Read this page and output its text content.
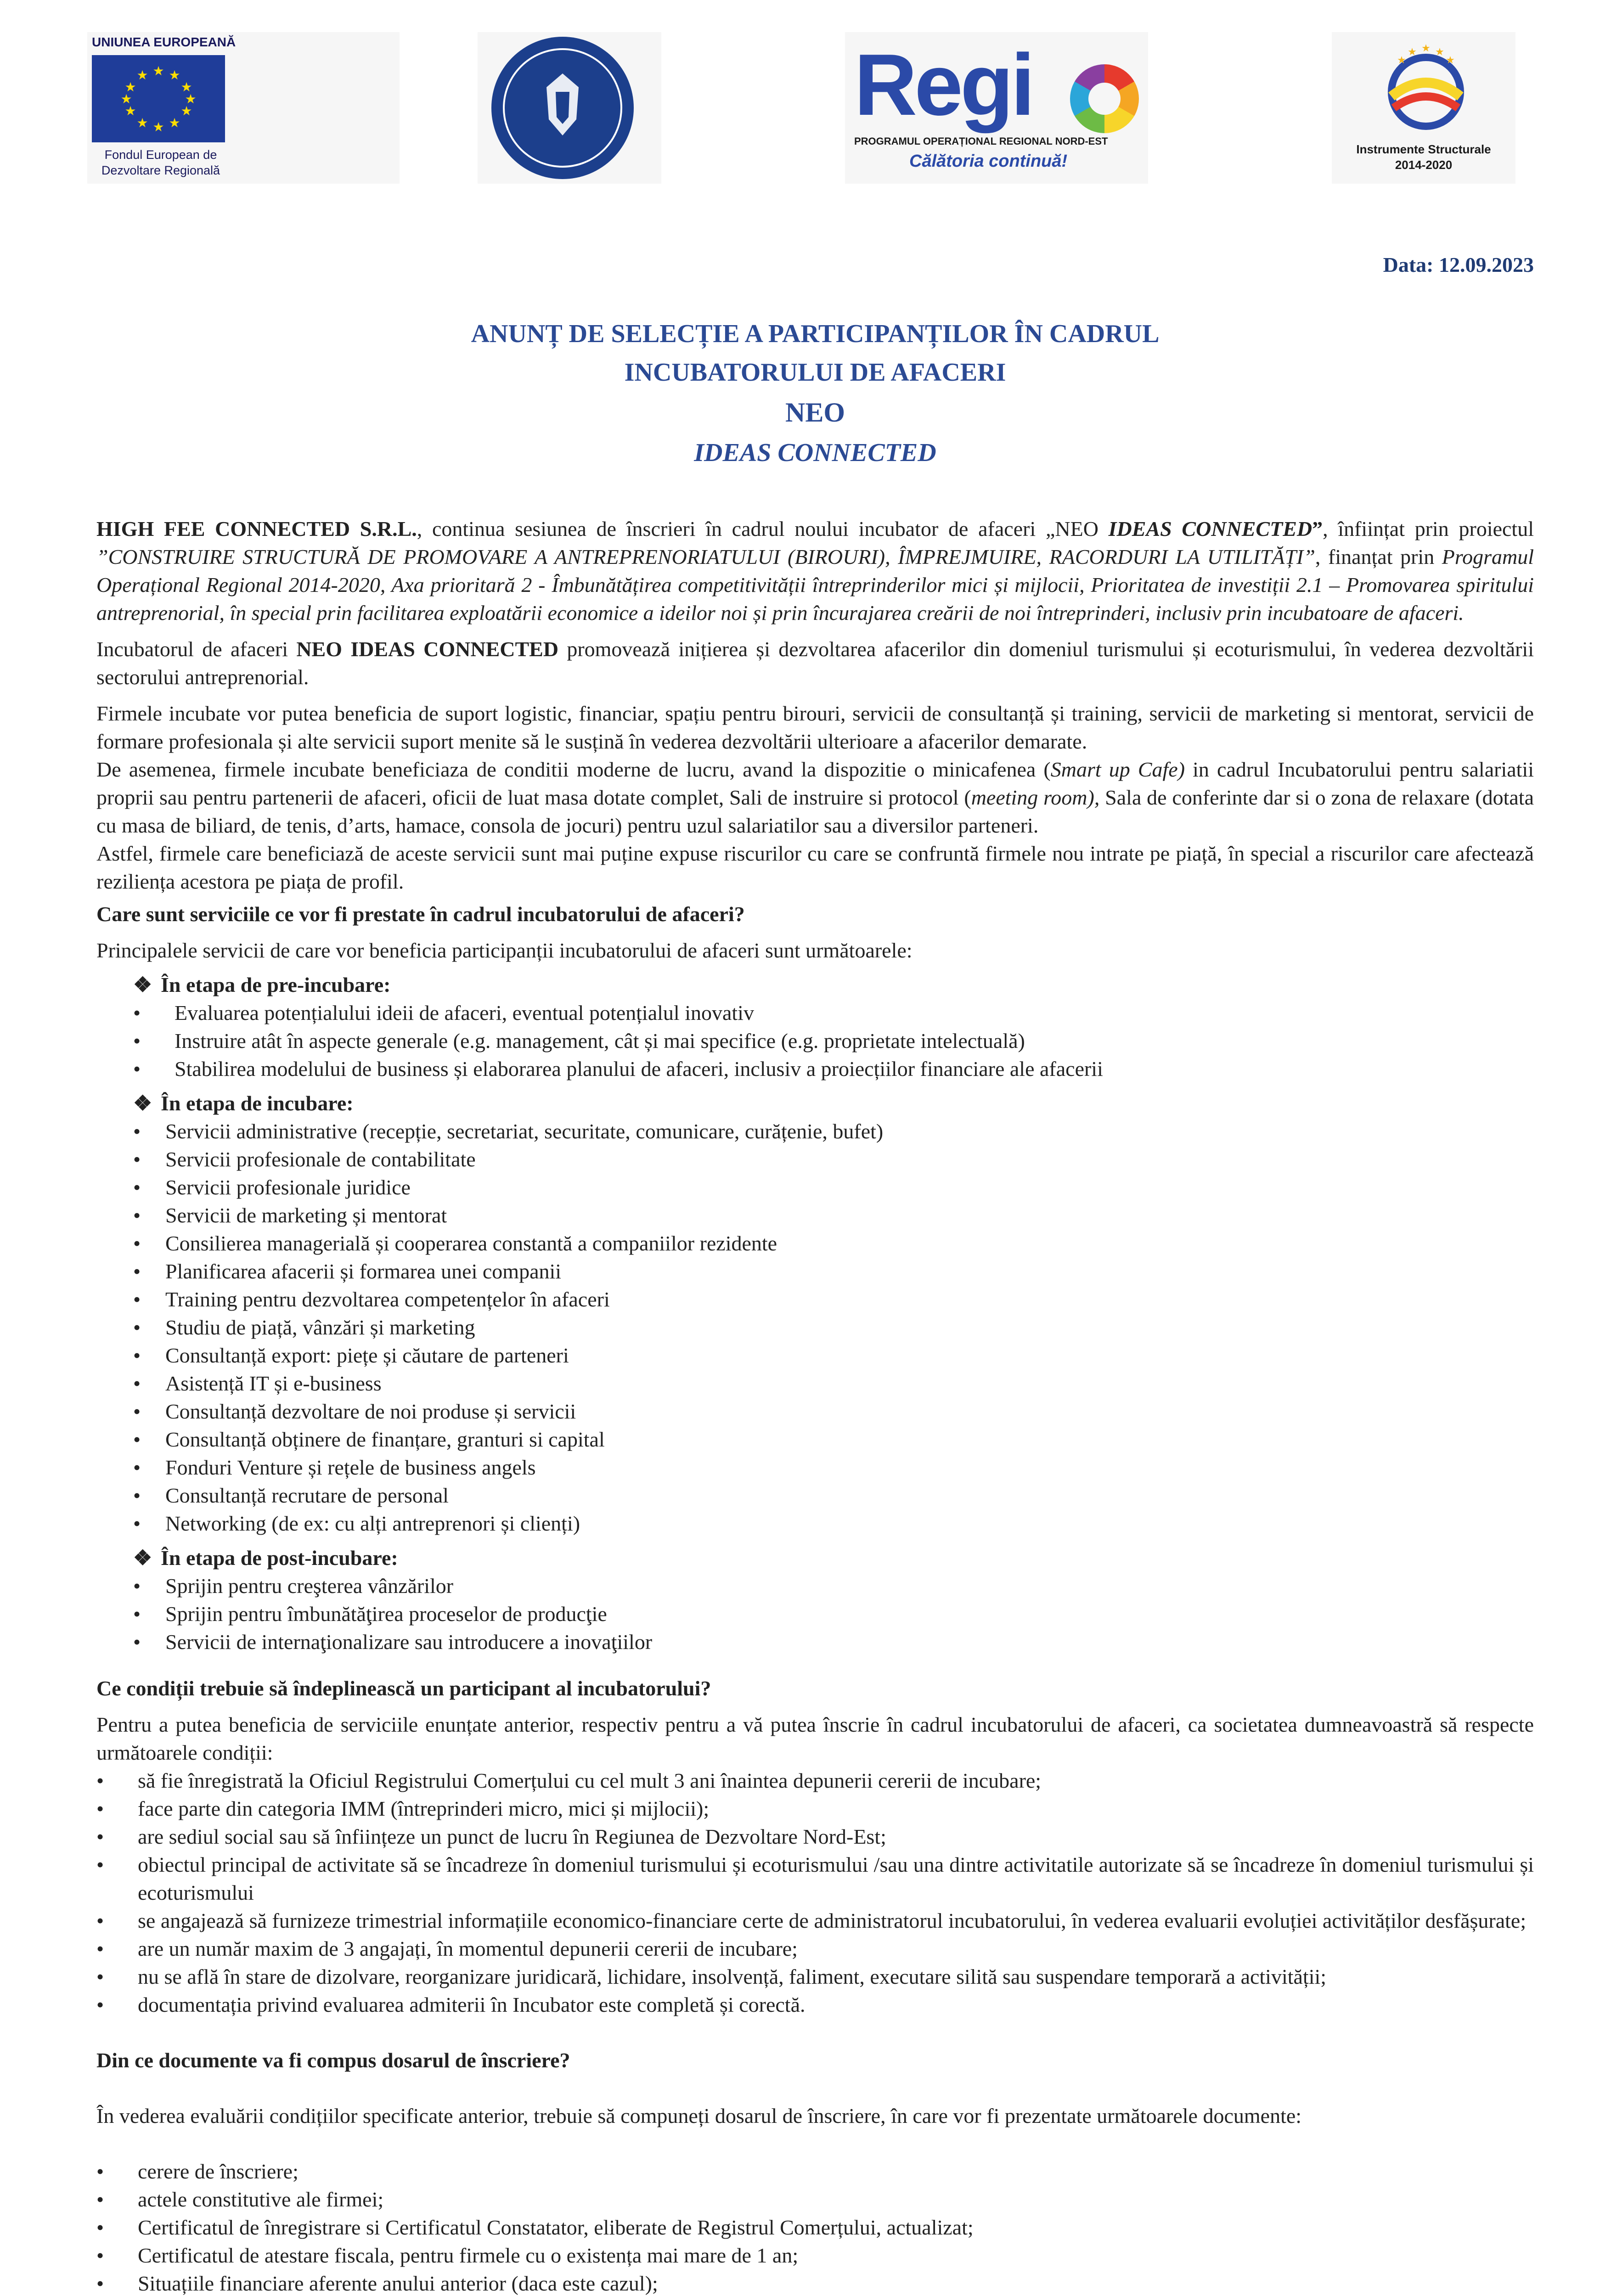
UNIUNEA EUROPEANĂ
★ ★
★
★
★
★
★
★
★
★
★
★
Fondul European de
Dezvoltare Regională
Regi
PROGRAMUL OPERAȚIONAL REGIONAL NORD-EST
Călătoria continuă!
★ ★
★
★
★
Instrumente Structurale
2014-2020
Data: 12.09.2023
ANUNȚ DE SELECȚIE A PARTICIPANȚILOR ÎN CADRUL
INCUBATORULUI DE AFACERI
NEO
IDEAS CONNECTED

HIGH FEE CONNECTED S.R.L., continua sesiunea de înscrieri în cadrul noului incubator de afaceri „NEO IDEAS CONNECTED”, înființat prin proiectul ”CONSTRUIRE STRUCTURĂ DE PROMOVARE A ANTREPRENORIATULUI (BIROURI), ÎMPREJMUIRE, RACORDURI LA UTILITĂȚI”, finanțat prin Programul Operațional Regional 2014-2020, Axa prioritară 2 - Îmbunătățirea competitivității întreprinderilor mici și mijlocii, Prioritatea de investiții 2.1 – Promovarea spiritului antreprenorial, în special prin facilitarea exploatării economice a ideilor noi și prin încurajarea creării de noi întreprinderi, inclusiv prin incubatoare de afaceri.

Incubatorul de afaceri NEO IDEAS CONNECTED promovează inițierea și dezvoltarea afacerilor din domeniul turismului și ecoturismului, în vederea dezvoltării sectorului antreprenorial.

Firmele incubate vor putea beneficia de suport logistic, financiar, spațiu pentru birouri, servicii de consultanță și training, servicii de marketing si mentorat, servicii de formare profesionala și alte servicii suport menite să le susțină în vederea dezvoltării ulterioare a afacerilor demarate.

De asemenea, firmele incubate beneficiaza de conditii moderne de lucru, avand la dispozitie o minicafenea (Smart up Cafe) in cadrul Incubatorului pentru salariatii proprii sau pentru partenerii de afaceri, oficii de luat masa dotate complet, Sali de instruire si protocol (meeting room), Sala de conferinte dar si o zona de relaxare (dotata cu masa de biliard, de tenis, d’arts, hamace, consola de jocuri) pentru uzul salariatilor sau a diversilor parteneri.

Astfel, firmele care beneficiază de aceste servicii sunt mai puține expuse riscurilor cu care se confruntă firmele nou intrate pe piață, în special a riscurilor care afectează reziliența acestora pe piața de profil.

Care sunt serviciile ce vor fi prestate în cadrul incubatorului de afaceri?

Principalele servicii de care vor beneficia participanții incubatorului de afaceri sunt următoarele:

❖ În etapa de pre-incubare:
• Evaluarea potențialului ideii de afaceri, eventual potențialul inovativ
• Instruire atât în aspecte generale (e.g. management, cât și mai specifice (e.g. proprietate intelectuală)
• Stabilirea modelului de business și elaborarea planului de afaceri, inclusiv a proiecțiilor financiare ale afacerii
❖ În etapa de incubare:
• Servicii administrative (recepție, secretariat, securitate, comunicare, curățenie, bufet)
• Servicii profesionale de contabilitate
• Servicii profesionale juridice
• Servicii de marketing și mentorat
• Consilierea managerială și cooperarea constantă a companiilor rezidente
• Planificarea afacerii și formarea unei companii
• Training pentru dezvoltarea competențelor în afaceri
• Studiu de piață, vânzări și marketing
• Consultanță export: piețe și căutare de parteneri
• Asistență IT și e-business
• Consultanță dezvoltare de noi produse și servicii
• Consultanță obținere de finanțare, granturi si capital
• Fonduri Venture și rețele de business angels
• Consultanță recrutare de personal
• Networking (de ex: cu alți antreprenori și clienți)
❖ În etapa de post-incubare:
• Sprijin pentru creşterea vânzărilor
• Sprijin pentru îmbunătăţirea proceselor de producţie
• Servicii de internaţionalizare sau introducere a inovaţiilor
Ce condiții trebuie să îndeplinească un participant al incubatorului?

Pentru a putea beneficia de serviciile enunțate anterior, respectiv pentru a vă putea înscrie în cadrul incubatorului de afaceri, ca societatea dumneavoastră să respecte următoarele condiții:

• să fie înregistrată la Oficiul Registrului Comerțului cu cel mult 3 ani înaintea depunerii cererii de incubare;
• face parte din categoria IMM (întreprinderi micro, mici și mijlocii);
• are sediul social sau să înființeze un punct de lucru în Regiunea de Dezvoltare Nord-Est;
• obiectul principal de activitate să se încadreze în domeniul turismului și ecoturismului /sau una dintre activitatile autorizate să se încadreze în domeniul turismului și ecoturismului
• se angajează să furnizeze trimestrial informațiile economico-financiare certe de administratorul incubatorului, în vederea evaluarii evoluției activităților desfășurate;
• are un număr maxim de 3 angajați, în momentul depunerii cererii de incubare;
• nu se află în stare de dizolvare, reorganizare juridicară, lichidare, insolvență, faliment, executare silită sau suspendare temporară a activității;
• documentația privind evaluarea admiterii în Incubator este completă și corectă.
Din ce documente va fi compus dosarul de înscriere?

În vederea evaluării condițiilor specificate anterior, trebuie să compuneți dosarul de înscriere, în care vor fi prezentate următoarele documente:

• cerere de înscriere;
• actele constitutive ale firmei;
• Certificatul de înregistrare si Certificatul Constatator, eliberate de Registrul Comerțului, actualizat;
• Certificatul de atestare fiscala, pentru firmele cu o existența mai mare de 1 an;
• Situațiile financiare aferente anului anterior (daca este cazul);
